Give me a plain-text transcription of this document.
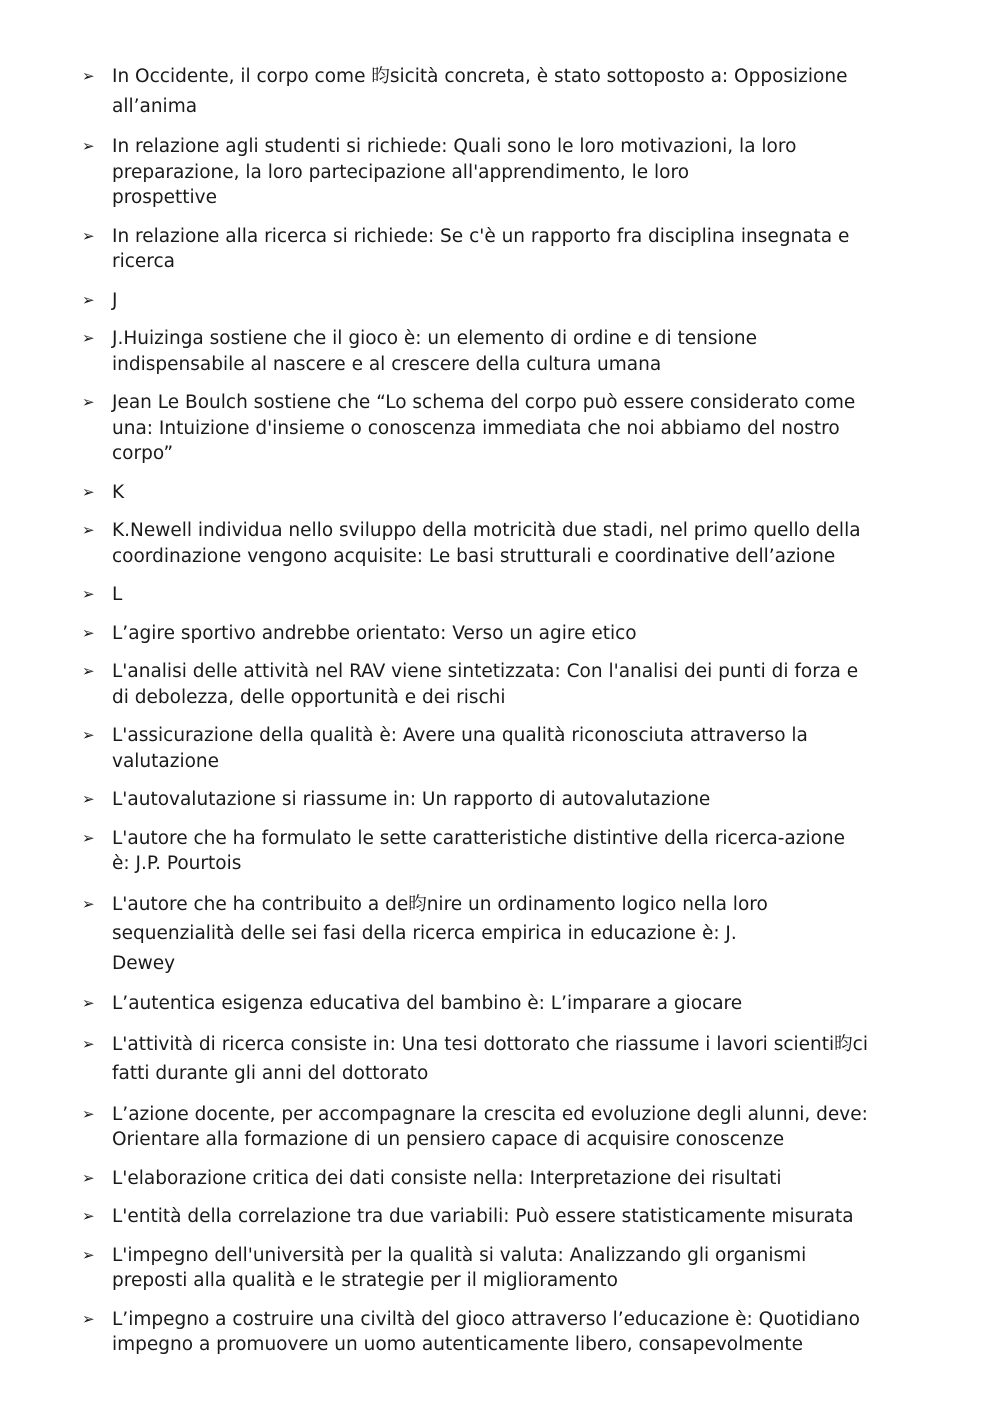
➢ In Occidente, il corpo come 昀sicità concreta, è stato sottoposto a: Opposizione
all’anima
➢ In relazione agli studenti si richiede: Quali sono le loro motivazioni, la loro
preparazione, la loro partecipazione all'apprendimento, le loro
prospettive
➢ In relazione alla ricerca si richiede: Se c'è un rapporto fra disciplina insegnata e
ricerca
➢ J
➢ J.Huizinga sostiene che il gioco è: un elemento di ordine e di tensione
indispensabile al nascere e al crescere della cultura umana
➢ Jean Le Boulch sostiene che “Lo schema del corpo può essere considerato come
una: Intuizione d'insieme o conoscenza immediata che noi abbiamo del nostro
corpo”
➢ K
➢ K.Newell individua nello sviluppo della motricità due stadi, nel primo quello della
coordinazione vengono acquisite: Le basi strutturali e coordinative dell’azione
➢ L
➢ L’agire sportivo andrebbe orientato: Verso un agire etico
➢ L'analisi delle attività nel RAV viene sintetizzata: Con l'analisi dei punti di forza e
di debolezza, delle opportunità e dei rischi
➢ L'assicurazione della qualità è: Avere una qualità riconosciuta attraverso la
valutazione
➢ L'autovalutazione si riassume in: Un rapporto di autovalutazione
➢ L'autore che ha formulato le sette caratteristiche distintive della ricerca-azione
è: J.P. Pourtois
➢ L'autore che ha contribuito a de昀nire un ordinamento logico nella loro
sequenzialità delle sei fasi della ricerca empirica in educazione è: J.
Dewey
➢ L’autentica esigenza educativa del bambino è: L’imparare a giocare
➢ L'attività di ricerca consiste in: Una tesi dottorato che riassume i lavori scienti昀ci
fatti durante gli anni del dottorato
➢ L’azione docente, per accompagnare la crescita ed evoluzione degli alunni, deve:
Orientare alla formazione di un pensiero capace di acquisire conoscenze
➢ L'elaborazione critica dei dati consiste nella: Interpretazione dei risultati
➢ L'entità della correlazione tra due variabili: Può essere statisticamente misurata
➢ L'impegno dell'università per la qualità si valuta: Analizzando gli organismi
preposti alla qualità e le strategie per il miglioramento
➢ L’impegno a costruire una civiltà del gioco attraverso l’educazione è: Quotidiano
impegno a promuovere un uomo autenticamente libero, consapevolmente
